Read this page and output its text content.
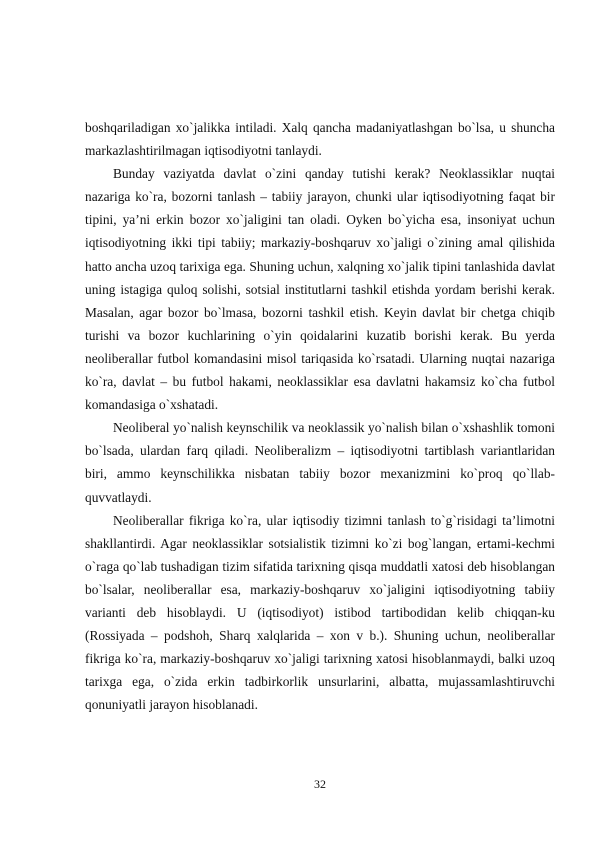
boshqariladigan xo`jalikka intiladi. Xalq qancha madaniyatlashgan bo`lsa, u shuncha markazlashtirilmagan iqtisodiyotni tanlaydi.

Bunday vaziyatda davlat o`zini qanday tutishi kerak? Neoklassiklar nuqtai nazariga ko`ra, bozorni tanlash – tabiiy jarayon, chunki ular iqtisodiyotning faqat bir tipini, ya’ni erkin bozor xo`jaligini tan oladi. Oyken bo`yicha esa, insoniyat uchun iqtisodiyotning ikki tipi tabiiy; markaziy-boshqaruv xo`jaligi o`zining amal qilishida hatto ancha uzoq tarixiga ega. Shuning uchun, xalqning xo`jalik tipini tanlashida davlat uning istagiga quloq solishi, sotsial institutlarni tashkil etishda yordam berishi kerak. Masalan, agar bozor bo`lmasa, bozorni tashkil etish. Keyin davlat bir chetga chiqib turishi va bozor kuchlarining o`yin qoidalarini kuzatib borishi kerak. Bu yerda neoliberallar futbol komandasini misol tariqasida ko`rsatadi. Ularning nuqtai nazariga ko`ra, davlat – bu futbol hakami, neoklassiklar esa davlatni hakamsiz ko`cha futbol komandasiga o`xshatadi.

Neoliberal yo`nalish keynschilik va neoklassik yo`nalish bilan o`xshashlik tomoni bo`lsada, ulardan farq qiladi. Neoliberalizm – iqtisodiyotni tartiblash variantlaridan biri, ammo keynschilikka nisbatan tabiiy bozor mexanizmini ko`proq qo`llab-quvvatlaydi.

Neoliberallar fikriga ko`ra, ular iqtisodiy tizimni tanlash to`g`risidagi ta’limotni shakllantirdi. Agar neoklassiklar sotsialistik tizimni ko`zi bog`langan, ertami-kechmi o`raga qo`lab tushadigan tizim sifatida tarixning qisqa muddatli xatosi deb hisoblangan bo`lsalar, neoliberallar esa, markaziy-boshqaruv xo`jaligini iqtisodiyotning tabiiy varianti deb hisoblaydi. U (iqtisodiyot) istibod tartibodidan kelib chiqqan-ku (Rossiyada – podshoh, Sharq xalqlarida – xon v b.). Shuning uchun, neoliberallar fikriga ko`ra, markaziy-boshqaruv xo`jaligi tarixning xatosi hisoblanmaydi, balki uzoq tarixga ega, o`zida erkin tadbirkorlik unsurlarini, albatta, mujassamlashtiruvchi qonuniyatli jarayon hisoblanadi.

32
